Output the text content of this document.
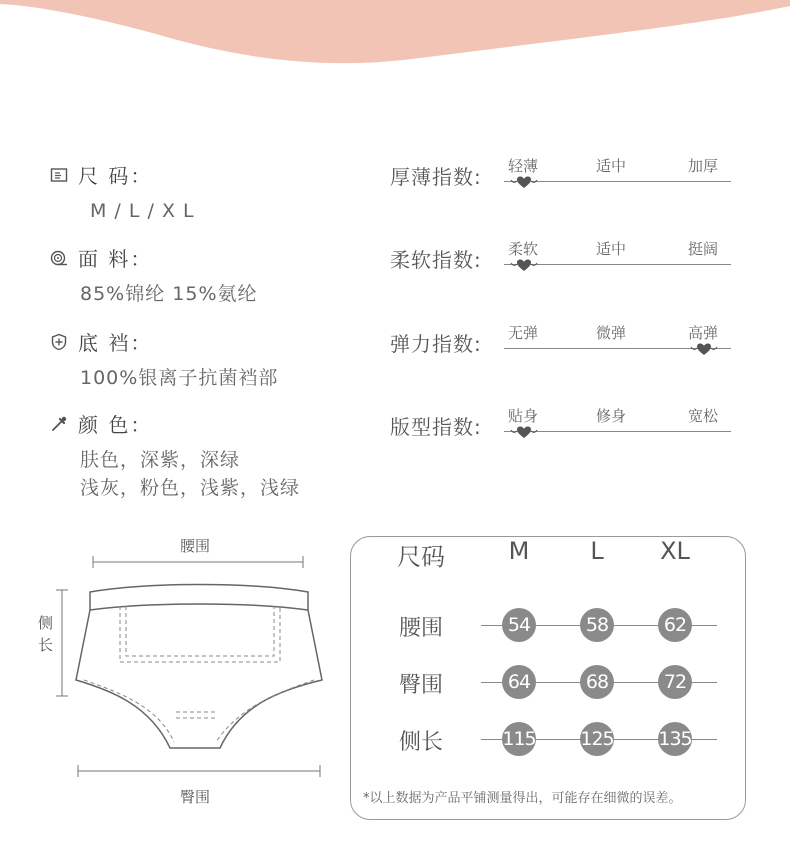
尺 码：
M / L / X L
面 料：
85%锦纶 15%氨纶
底 裆：
100%银离子抗菌裆部
颜 色：
肤色，深紫，深绿
浅灰，粉色，浅紫，浅绿
厚薄指数: 轻薄	适中	加厚
柔软指数: 柔软	适中	挺阔
弹力指数: 无弹	微弹	高弹
版型指数: 贴身	修身	宽松
腰围
侧
长
臀围
尺码	M	L	XL
*以上数据为产品平铺测量得出，可能存在细微的误差。
腰围	54	58	62
臀围	64	68	72
侧长	115 125 135
